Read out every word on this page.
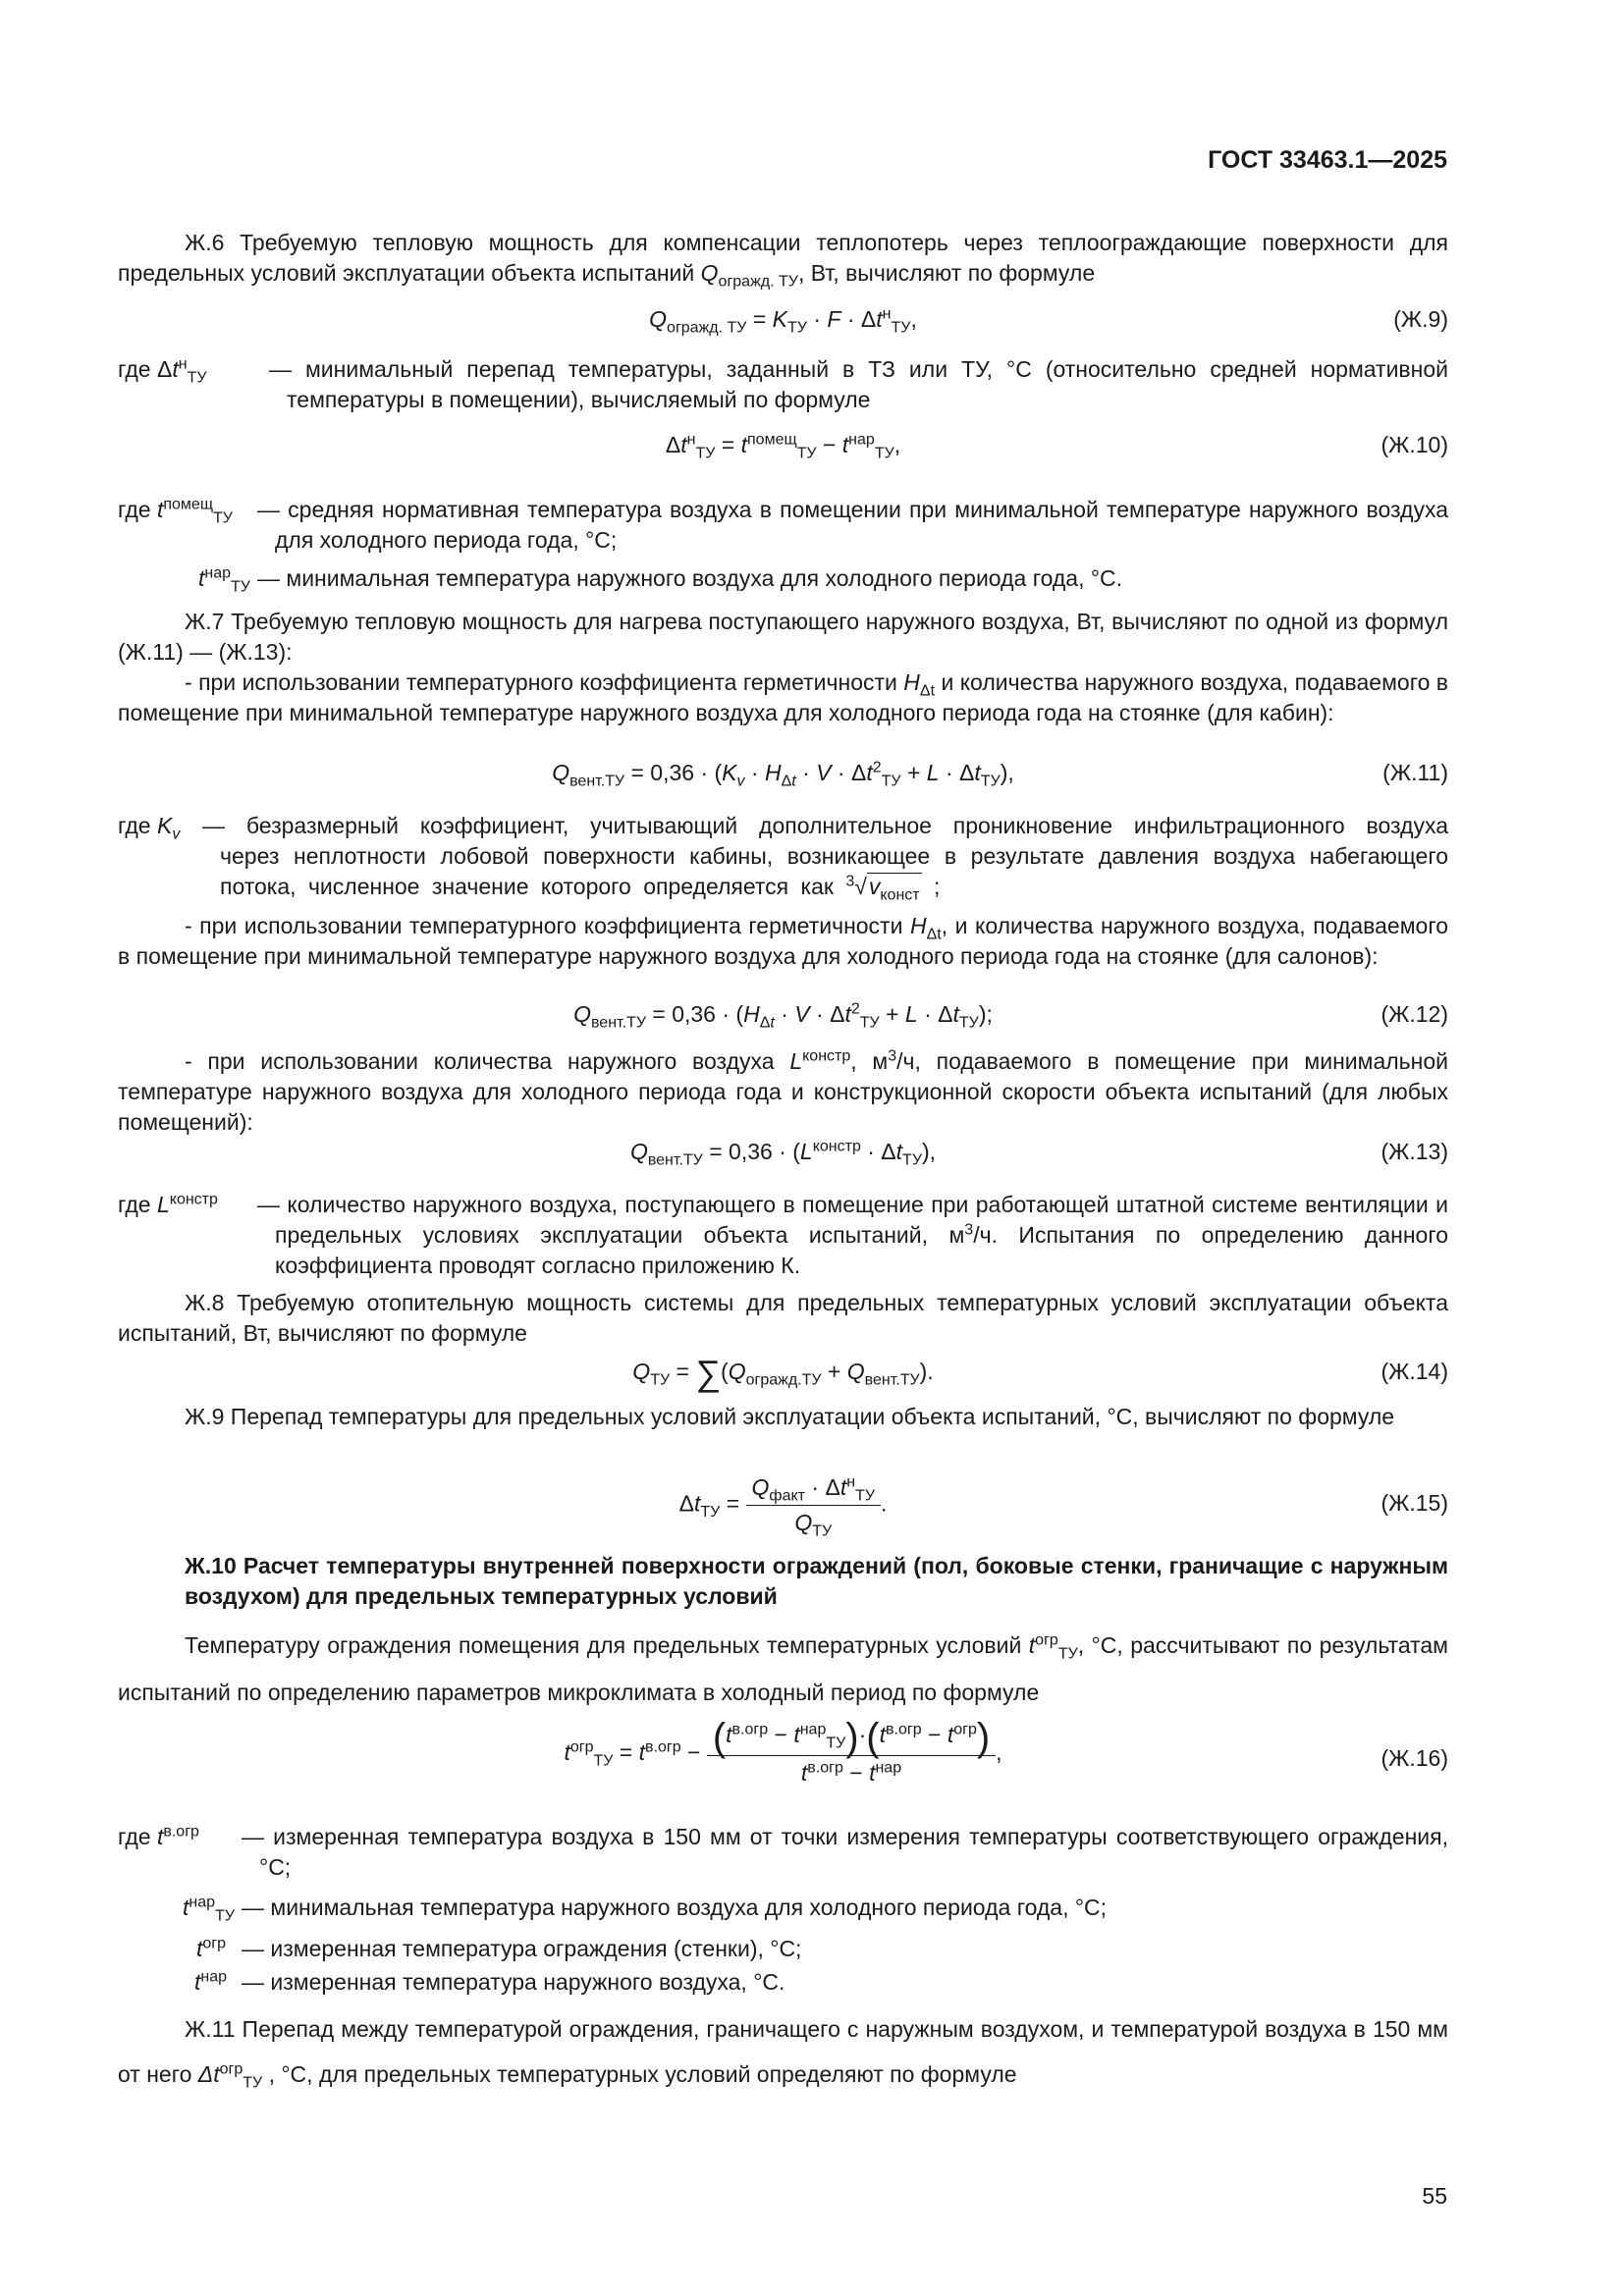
ГОСТ 33463.1—2025
Ж.6 Требуемую тепловую мощность для компенсации теплопотерь через теплоограждающие поверхности для предельных условий эксплуатации объекта испытаний $Q_{огражд. ТУ}$, Вт, вычисляют по формуле
$Q_{огражд. ТУ} = K_{ТУ} \cdot F \cdot \Delta t^н_{ТУ}$,	(Ж.9)
где $\Delta t^н_{ТУ}$	— минимальный перепад температуры, заданный в ТЗ или ТУ, °С (относительно средней нормативной температуры в помещении), вычисляемый по формуле
$\Delta t^н_{ТУ} = t^{помещ}_{ТУ} - t^{нар}_{ТУ}$,	(Ж.10)
где $t^{помещ}_{ТУ}$ — средняя нормативная температура воздуха в помещении при минимальной температуре наружного воздуха для холодного периода года, °С;
$t^{нар}_{ТУ}$ — минимальная температура наружного воздуха для холодного периода года, °С.
Ж.7 Требуемую тепловую мощность для нагрева поступающего наружного воздуха, Вт, вычисляют по одной из формул (Ж.11) — (Ж.13):
- при использовании температурного коэффициента герметичности $H_{\Delta t}$ и количества наружного воздуха, подаваемого в помещение при минимальной температуре наружного воздуха для холодного периода года на стоянке (для кабин):
$Q_{вент.ТУ} = 0,36 \cdot (K_v \cdot H_{\Delta t} \cdot V \cdot \Delta t^2_{ТУ} + L \cdot \Delta t_{ТУ})$,	(Ж.11)
где $K_v$ — безразмерный коэффициент, учитывающий дополнительное проникновение инфильтрационного воздуха через неплотности лобовой поверхности кабины, возникающее в результате давления воздуха набегающего потока, численное значение которого определяется как $^3√v_{конст}$ ;
- при использовании температурного коэффициента герметичности $H_{\Delta t}$, и количества наружного воздуха, подаваемого в помещение при минимальной температуре наружного воздуха для холодного периода года на стоянке (для салонов):
$Q_{вент.ТУ} = 0,36 \cdot (H_{\Delta t} \cdot V \cdot \Delta t^2_{ТУ} + L \cdot \Delta t_{ТУ})$;	(Ж.12)
- при использовании количества наружного воздуха $L^{констр}$, $м^3/ч$, подаваемого в помещение при минимальной температуре наружного воздуха для холодного периода года и конструкционной скорости объекта испытаний (для любых помещений):
$Q_{вент.ТУ} = 0,36 \cdot (L^{констр} \cdot \Delta t_{ТУ})$,	(Ж.13)
где $L^{констр}$ — количество наружного воздуха, поступающего в помещение при работающей штатной системе вентиляции и предельных условиях эксплуатации объекта испытаний, $м^3/ч$. Испытания по определению данного коэффициента проводят согласно приложению К.
Ж.8 Требуемую отопительную мощность системы для предельных температурных условий эксплуатации объекта испытаний, Вт, вычисляют по формуле
$Q_{ТУ} = \sum(Q_{огражд.ТУ} + Q_{вент.ТУ})$.	(Ж.14)
Ж.9 Перепад температуры для предельных условий эксплуатации объекта испытаний, °С, вычисляют по формуле
$\Delta t_{ТУ} = \frac{Q_{факт} \cdot \Delta t^н_{ТУ}}{Q_{ТУ}}$ .	(Ж.15)
Ж.10 Расчет температуры внутренней поверхности ограждений (пол, боковые стенки, граничащие с наружным воздухом) для предельных температурных условий
Температуру ограждения помещения для предельных температурных условий $t^{огр}_{ТУ}$, °С, рассчитывают по результатам испытаний по определению параметров микроклимата в холодный период по формуле
$t^{огр}_{ТУ} = t^{в.огр} - \frac{(t^{в.огр} - t^{нар}_{ТУ})\cdot(t^{в.огр} - t^{огр})}{t^{в.огр} - t^{нар}}$ ,	(Ж.16)
где $t^{в.огр}$ — измеренная температура воздуха в 150 мм от точки измерения температуры соответствующего ограждения, °С;
$t^{нар}_{ТУ}$ — минимальная температура наружного воздуха для холодного периода года, °С;
$t^{огр}$ — измеренная температура ограждения (стенки), °С;
$t^{нар}$ — измеренная температура наружного воздуха, °С.
Ж.11 Перепад между температурой ограждения, граничащего с наружным воздухом, и температурой воздуха в 150 мм от него $\Delta t^{огр}_{ТУ}$ , °С, для предельных температурных условий определяют по формуле
55
